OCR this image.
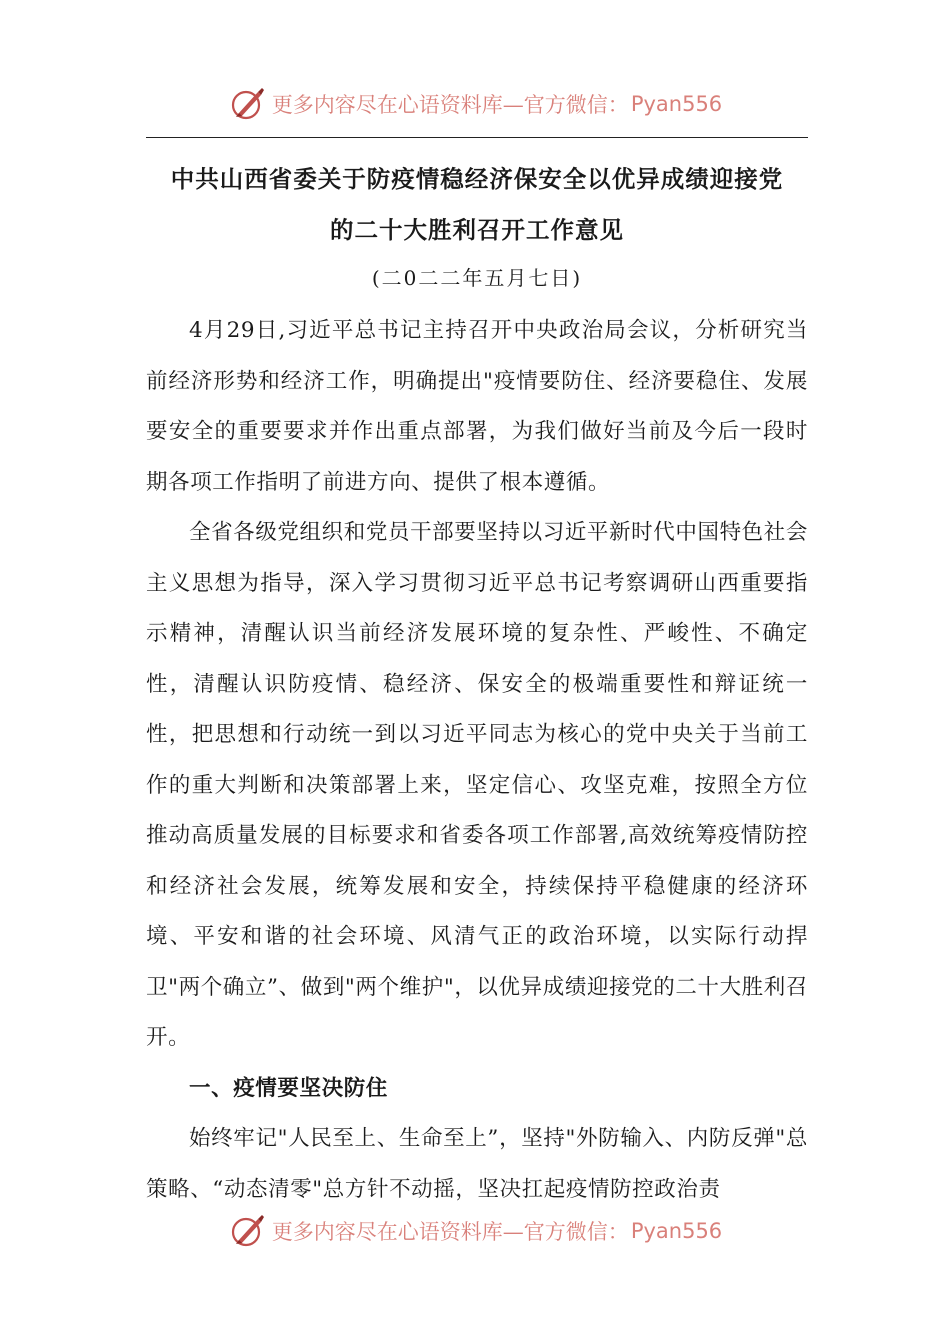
更多内容尽在心语资料库—官方微信： Pyan556
中共山西省委关于防疫情稳经济保安全以优异成绩迎接党
的二十大胜利召开工作意见
(二0二二年五月七日)

4月29日,习近平总书记主持召开中央政治局会议，分析研究当前经济形势和经济工作，明确提出"疫情要防住、经济要稳住、发展要安全的重要要求并作出重点部署，为我们做好当前及今后一段时期各项工作指明了前进方向、提供了根本遵循。

全省各级党组织和党员干部要坚持以习近平新时代中国特色社会主义思想为指导，深入学习贯彻习近平总书记考察调研山西重要指示精神，清醒认识当前经济发展环境的复杂性、严峻性、不确定性，清醒认识防疫情、稳经济、保安全的极端重要性和辩证统一性，把思想和行动统一到以习近平同志为核心的党中央关于当前工作的重大判断和决策部署上来，坚定信心、攻坚克难，按照全方位推动高质量发展的目标要求和省委各项工作部署,高效统筹疫情防控和经济社会发展，统筹发展和安全，持续保持平稳健康的经济环境、平安和谐的社会环境、风清气正的政治环境，以实际行动捍卫"两个确立”、做到"两个维护"，以优异成绩迎接党的二十大胜利召开。

一、疫情要坚决防住

始终牢记"人民至上、生命至上”，坚持"外防输入、内防反弹"总策略、“动态清零"总方针不动摇，坚决扛起疫情防控政治责

更多内容尽在心语资料库—官方微信： Pyan556
